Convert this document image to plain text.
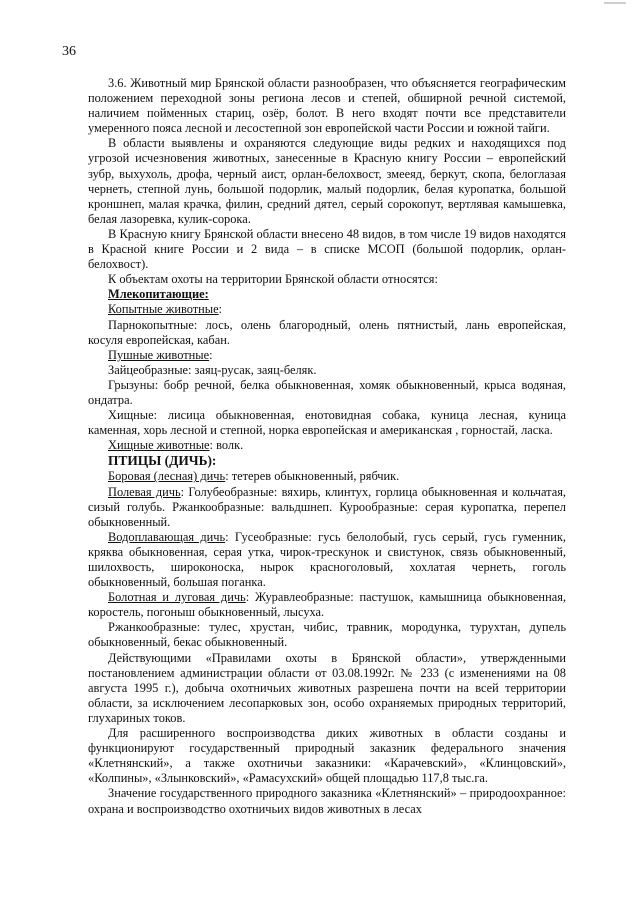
36

3.6. Животный мир Брянской области разнообразен, что объясняется географическим положением переходной зоны региона лесов и степей, обширной речной системой, наличием пойменных стариц, озёр, болот. В него входят почти все представители умеренного пояса лесной и лесостепной зон европейской части России и южной тайги.

В области выявлены и охраняются следующие виды редких и находящихся под угрозой исчезновения животных, занесенные в Красную книгу России – европейский зубр, выхухоль, дрофа, черный аист, орлан-белохвост, змееяд, беркут, скопа, белоглазая чернеть, степной лунь, большой подорлик, малый подорлик, белая куропатка, большой кроншнеп, малая крачка, филин, средний дятел, серый сорокопут, вертлявая камышевка, белая лазоревка, кулик-сорока.

В Красную книгу Брянской области внесено 48 видов, в том числе 19 видов находятся в Красной книге России и 2 вида – в списке МСОП (большой подорлик, орлан-белохвост).

К объектам охоты на территории Брянской области относятся:

Млекопитающие:

Копытные животные:

Парнокопытные: лось, олень благородный, олень пятнистый, лань европейская, косуля европейская, кабан.

Пушные животные:

Зайцеобразные: заяц-русак, заяц-беляк.

Грызуны: бобр речной, белка обыкновенная, хомяк обыкновенный, крыса водяная, ондатра.

Хищные: лисица обыкновенная, енотовидная собака, куница лесная, куница каменная, хорь лесной и степной, норка европейская и американская , горностай, ласка.

Хищные животные: волк.

ПТИЦЫ (ДИЧЬ):

Боровая (лесная) дичь: тетерев обыкновенный, рябчик.

Полевая дичь: Голубеобразные: вяхирь, клинтух, горлица обыкновенная и кольчатая, сизый голубь. Ржанкообразные: вальдшнеп. Курообразные: серая куропатка, перепел обыкновенный.

Водоплавающая дичь: Гусеобразные: гусь белолобый, гусь серый, гусь гуменник, кряква обыкновенная, серая утка, чирок-трескунок и свистунок, связь обыкновенный, шилохвость, широконоска, нырок красноголовый, хохлатая чернеть, гоголь обыкновенный, большая поганка.

Болотная и луговая дичь: Журавлеобразные: пастушок, камышница обыкновенная, коростель, погоныш обыкновенный, лысуха.

Ржанкообразные: тулес, хрустан, чибис, травник, мородунка, турухтан, дупель обыкновенный, бекас обыкновенный.

Действующими «Правилами охоты в Брянской области», утвержденными постановлением администрации области от 03.08.1992г. № 233 (с изменениями на 08 августа 1995 г.), добыча охотничьих животных разрешена почти на всей территории области, за исключением лесопарковых зон, особо охраняемых природных территорий, глухариных токов.

Для расширенного воспроизводства диких животных в области созданы и функционируют государственный природный заказник федерального значения «Клетнянский», а также охотничьи заказники: «Карачевский», «Клинцовский», «Колпины», «Злынковский», «Рамасухский» общей площадью 117,8 тыс.га.

Значение государственного природного заказника «Клетнянский» – природоохранное: охрана и воспроизводство охотничьих видов животных в лесах
